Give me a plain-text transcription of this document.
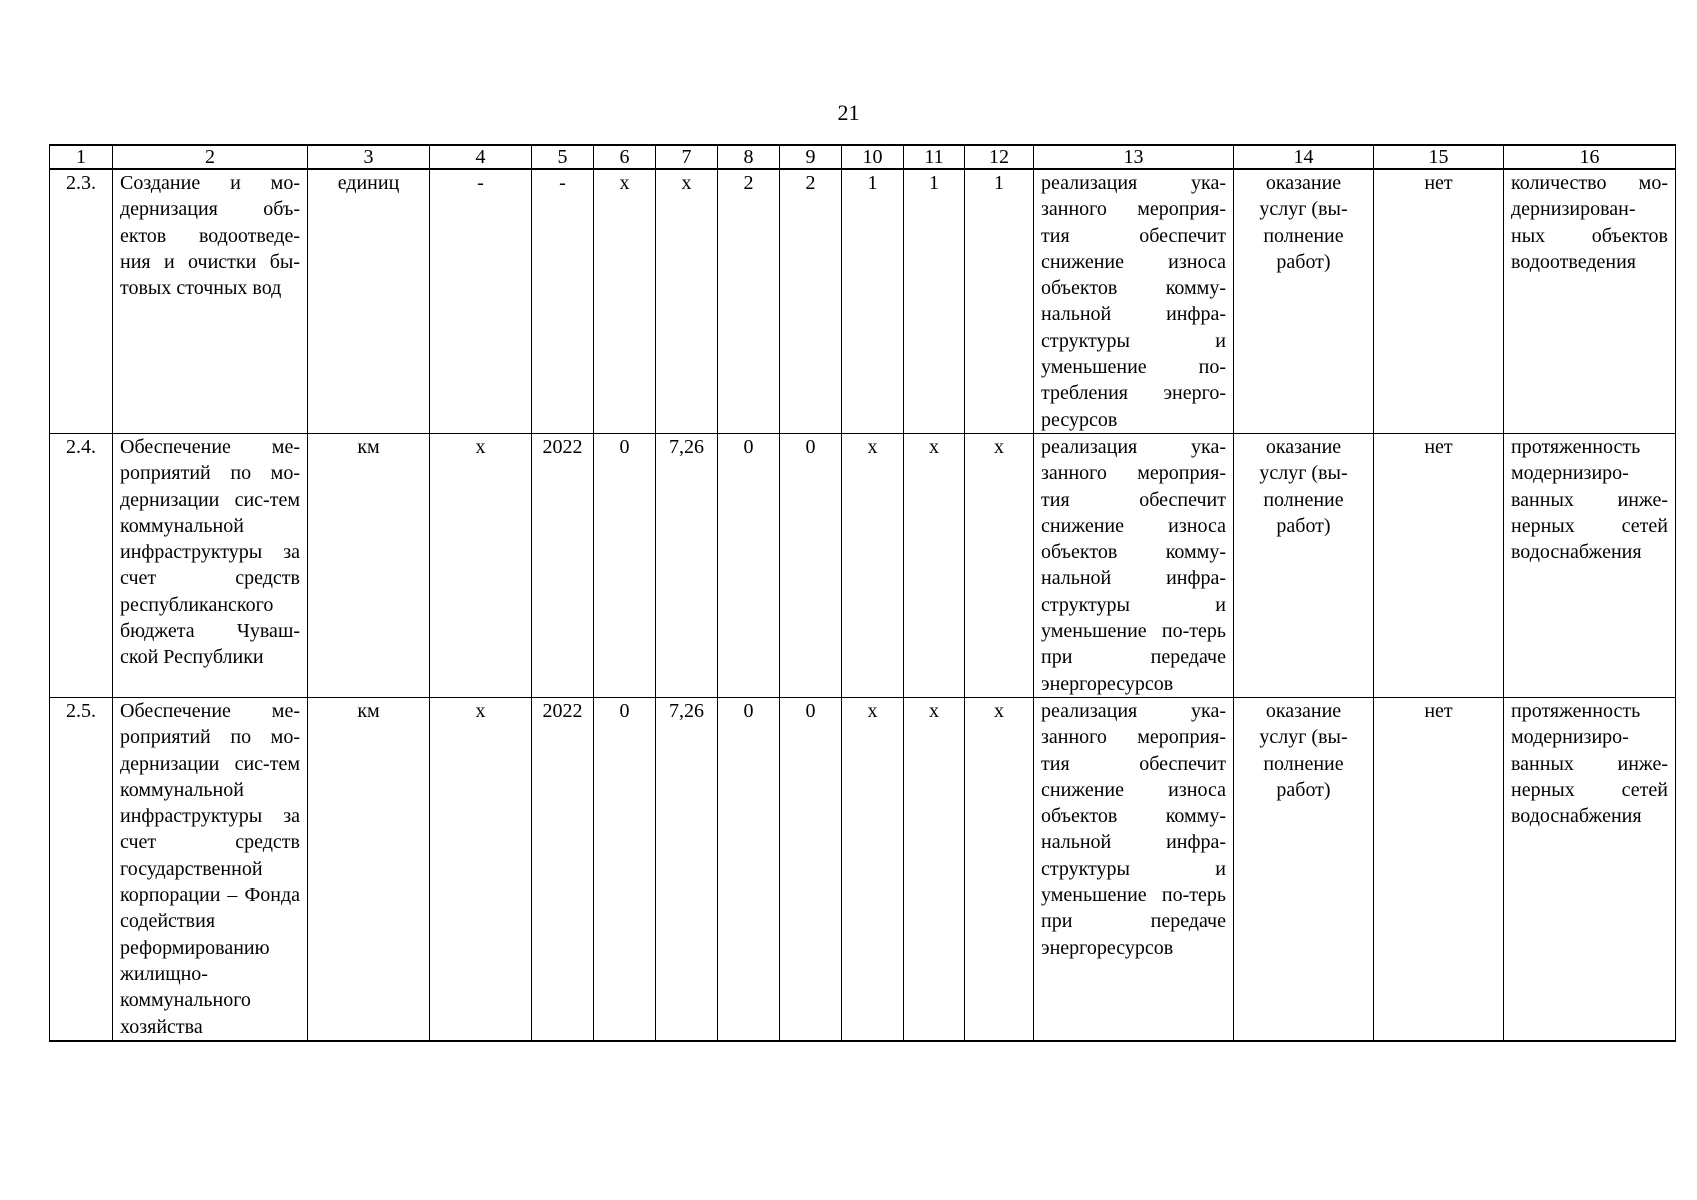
21
1	2	3	4	5	6	7	8	9	10	11	12	13	14	15	16
2.3.	Создание и мо-дернизация объ-ектов водоотведе-ния и очистки бы-товых сточных вод	единиц	-	-	х	х	2	2	1	1	1	реализация ука-занного мероприя-тия обеспечит снижение износа объектов комму-нальной инфра-структуры и уменьшение по-требления энерго-ресурсов	оказание услуг (вы-полнение работ)	нет	количество мо-дернизирован-ных объектов водоотведения
2.4.	Обеспечение ме-роприятий по мо-дернизации сис-тем коммунальной инфраструктуры за счет средств республиканского бюджета Чуваш-ской Республики	км	х	2022	0	7,26	0	0	х	х	х	реализация ука-занного мероприя-тия обеспечит снижение износа объектов комму-нальной инфра-структуры и уменьшение по-терь при передаче энергоресурсов	оказание услуг (вы-полнение работ)	нет	протяженность модернизиро-ванных инже-нерных сетей водоснабжения
2.5.	Обеспечение ме-роприятий по мо-дернизации сис-тем коммунальной инфраструктуры за счет средств государственной корпорации – Фонда содействия реформированию жилищно-коммунального хозяйства	км	х	2022	0	7,26	0	0	х	х	х	реализация ука-занного мероприя-тия обеспечит снижение износа объектов комму-нальной инфра-структуры и уменьшение по-терь при передаче энергоресурсов	оказание услуг (вы-полнение работ)	нет	протяженность модернизиро-ванных инже-нерных сетей водоснабжения
